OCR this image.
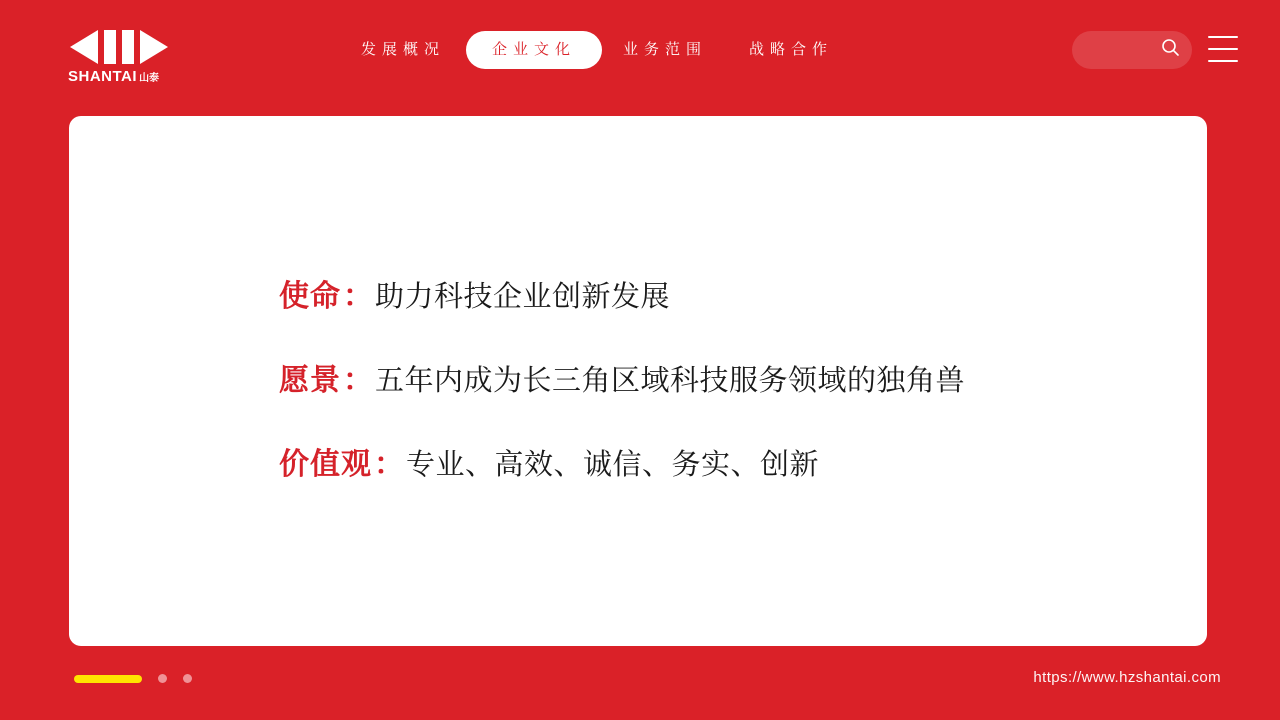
SHANTAI 山泰
发展概况	企业文化	业务范围	战略合作
使命 ： 助力科技企业创新发展
愿景 ： 五年内成为长三角区域科技服务领域的独角兽
价值观 ： 专业、高效、诚信、务实、创新
https://www.hzshantai.com
